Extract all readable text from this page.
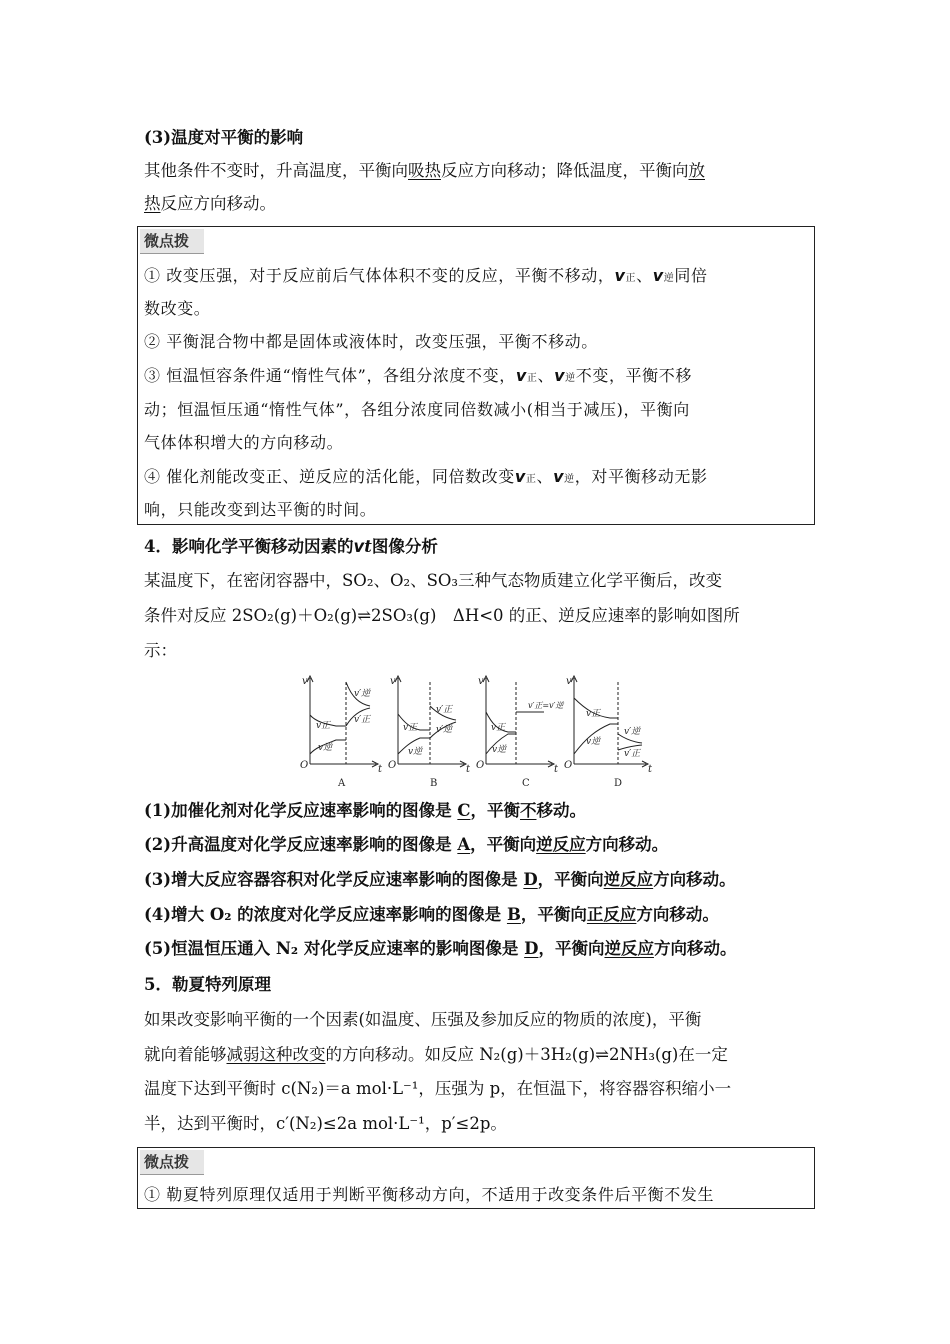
(3)温度对平衡的影响
其他条件不变时，升高温度，平衡向吸热反应方向移动；降低温度，平衡向放
热反应方向移动。
微点拨
① 改变压强，对于反应前后气体体积不变的反应，平衡不移动，v正、v逆同倍
数改变。
② 平衡混合物中都是固体或液体时，改变压强，平衡不移动。
③ 恒温恒容条件通“惰性气体”，各组分浓度不变，v正、v逆不变，平衡不移
动；恒温恒压通“惰性气体”，各组分浓度同倍数减小(相当于减压)，平衡向
气体体积增大的方向移动。
④ 催化剂能改变正、逆反应的活化能，同倍数改变v正、v逆，对平衡移动无影
响，只能改变到达平衡的时间。
4．影响化学平衡移动因素的vt图像分析
某温度下，在密闭容器中，SO₂、O₂、SO₃三种气态物质建立化学平衡后，改变
条件对反应 2SO₂(g)＋O₂(g)⇌2SO₃(g)　ΔH<0 的正、逆反应速率的影响如图所
示：
v
O	t
v正
v逆
v′逆
v′正
A
v
O	t
v正
v逆
v′正
v′逆
B
v
O	t
v正
v逆
v′正=v′逆
C
v
O	t
v正
v逆
v′逆
v′正
D
(1)加催化剂对化学反应速率影响的图像是 C，平衡不移动。
(2)升高温度对化学反应速率影响的图像是 A，平衡向逆反应方向移动。
(3)增大反应容器容积对化学反应速率影响的图像是 D，平衡向逆反应方向移动。
(4)增大 O₂ 的浓度对化学反应速率影响的图像是 B，平衡向正反应方向移动。
(5)恒温恒压通入 N₂ 对化学反应速率的影响图像是 D，平衡向逆反应方向移动。
5．勒夏特列原理
如果改变影响平衡的一个因素(如温度、压强及参加反应的物质的浓度)，平衡
就向着能够减弱这种改变的方向移动。如反应 N₂(g)＋3H₂(g)⇌2NH₃(g)在一定
温度下达到平衡时 c(N₂)＝a mol·L⁻¹，压强为 p，在恒温下，将容器容积缩小一
半，达到平衡时，c′(N₂)≤2a mol·L⁻¹，p′≤2p。
微点拨
① 勒夏特列原理仅适用于判断平衡移动方向，不适用于改变条件后平衡不发生
